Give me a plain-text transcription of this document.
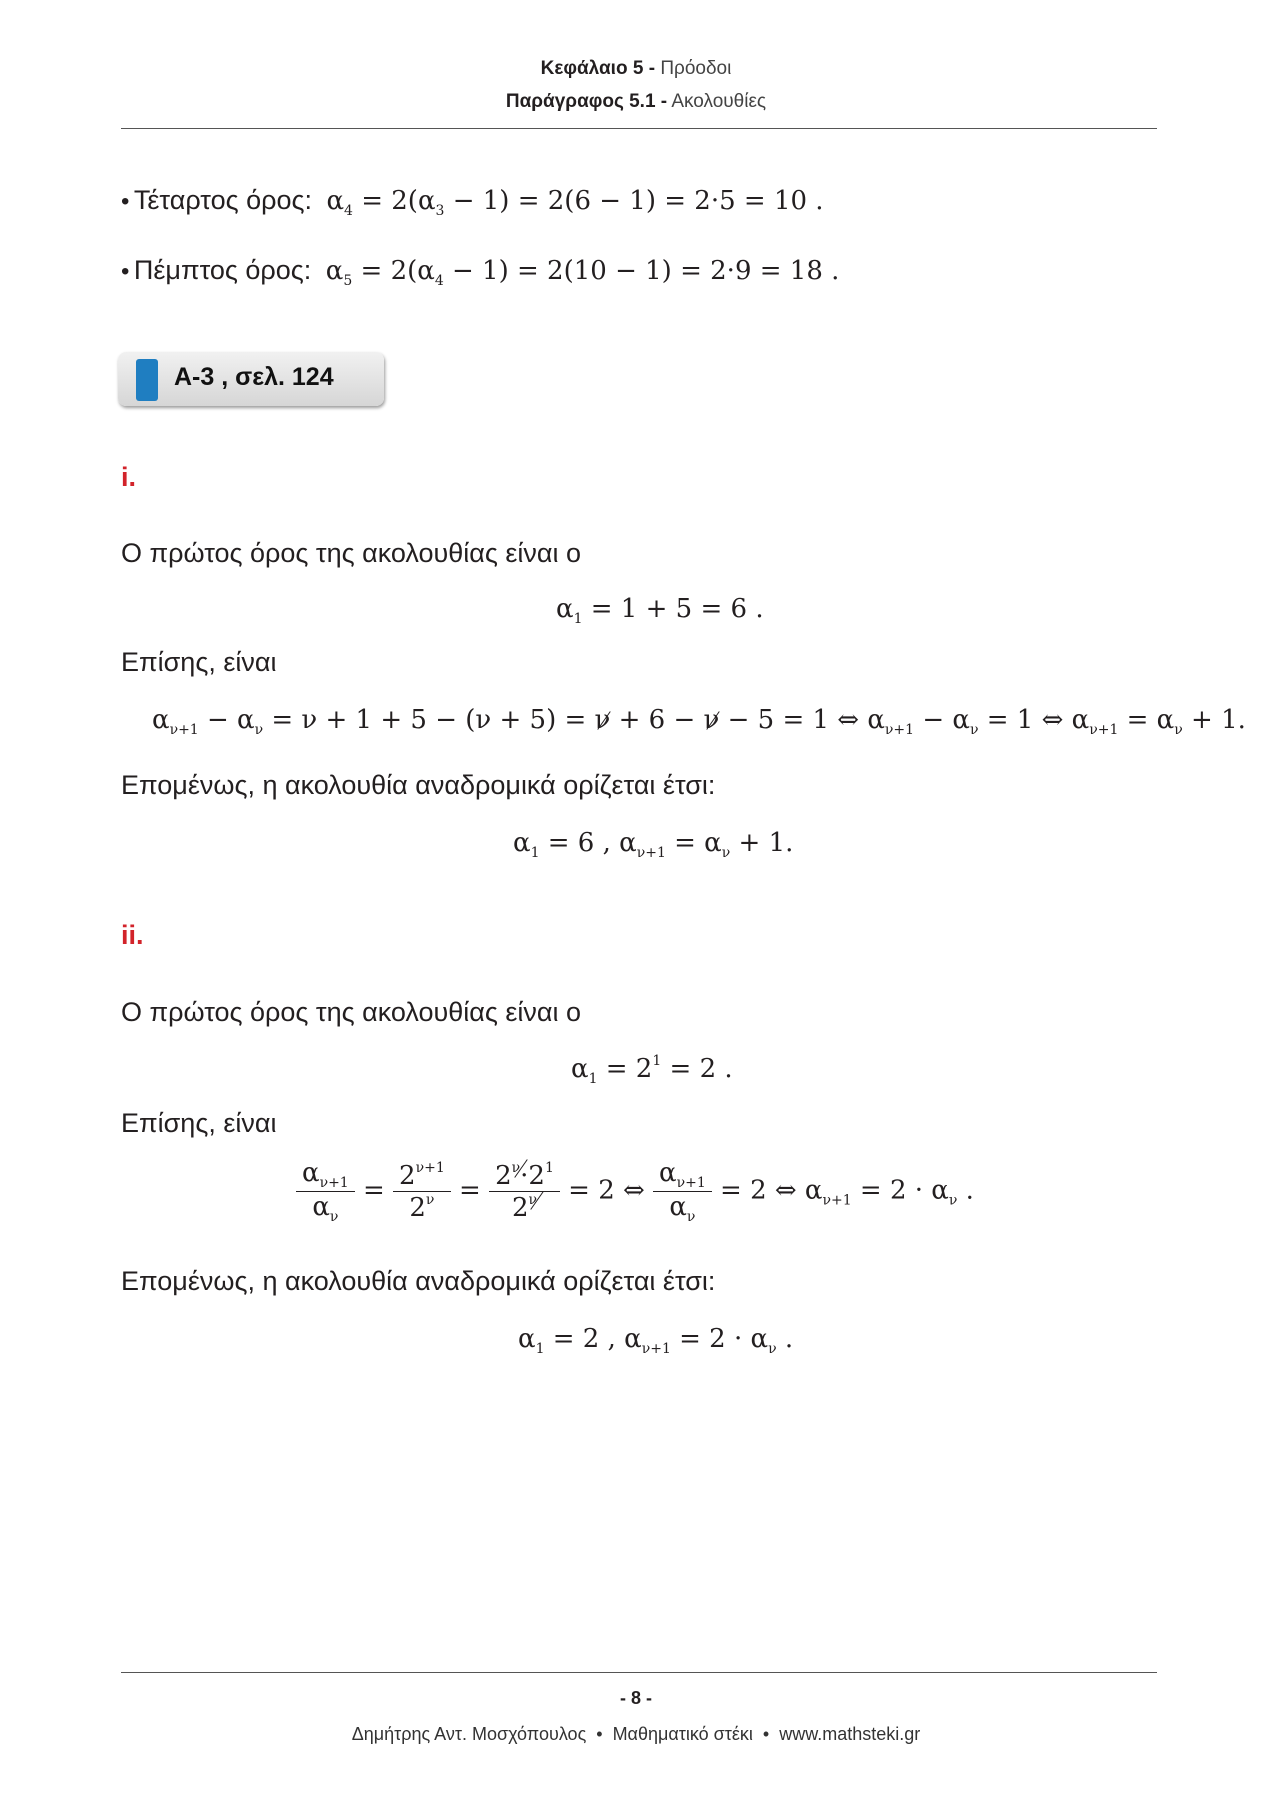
Κεφάλαιο 5 - Πρόοδοι
Παράγραφος 5.1 - Ακολουθίες
• Τέταρτος όρος: $\alpha_4 = 2(\alpha_3 - 1) = 2(6 - 1) = 2\cdot 5 = 10$ .
• Πέμπτος όρος: $\alpha_5 = 2(\alpha_4 - 1) = 2(10 - 1) = 2\cdot 9 = 18$ .
Α-3 , σελ. 124
i.
Ο πρώτος όρος της ακολουθίας είναι ο
$\alpha_1 = 1 + 5 = 6$ .
Επίσης, είναι
$\alpha_{\nu+1} - \alpha_\nu = \nu + 1 + 5 - (\nu + 5) = \nu + 6 - \nu - 5 = 1$ ⇔ $\alpha_{\nu+1} - \alpha_\nu = 1$ ⇔ $\alpha_{\nu+1} = \alpha_\nu + 1$.
Επομένως, η ακολουθία αναδρομικά ορίζεται έτσι:
$\alpha_1 = 6$ , $\alpha_{\nu+1} = \alpha_\nu + 1$.
ii.
Ο πρώτος όρος της ακολουθίας είναι ο
$\alpha_1 = 2^1 = 2$ .
Επίσης, είναι
$\frac{\alpha_{\nu+1}}{\alpha_\nu} = \frac{2^{\nu+1}}{2^\nu} = \frac{2^\nu\cdot 2^1}{2^\nu} = 2$ ⇔ $\frac{\alpha_{\nu+1}}{\alpha_\nu} = 2$ ⇔ $\alpha_{\nu+1} = 2 \cdot \alpha_\nu$ .
Επομένως, η ακολουθία αναδρομικά ορίζεται έτσι:
$\alpha_1 = 2$ , $\alpha_{\nu+1} = 2 \cdot \alpha_\nu$ .
- 8 -
Δημήτρης Αντ. Μοσχόπουλος  •  Μαθηματικό στέκι  •  www.mathsteki.gr
